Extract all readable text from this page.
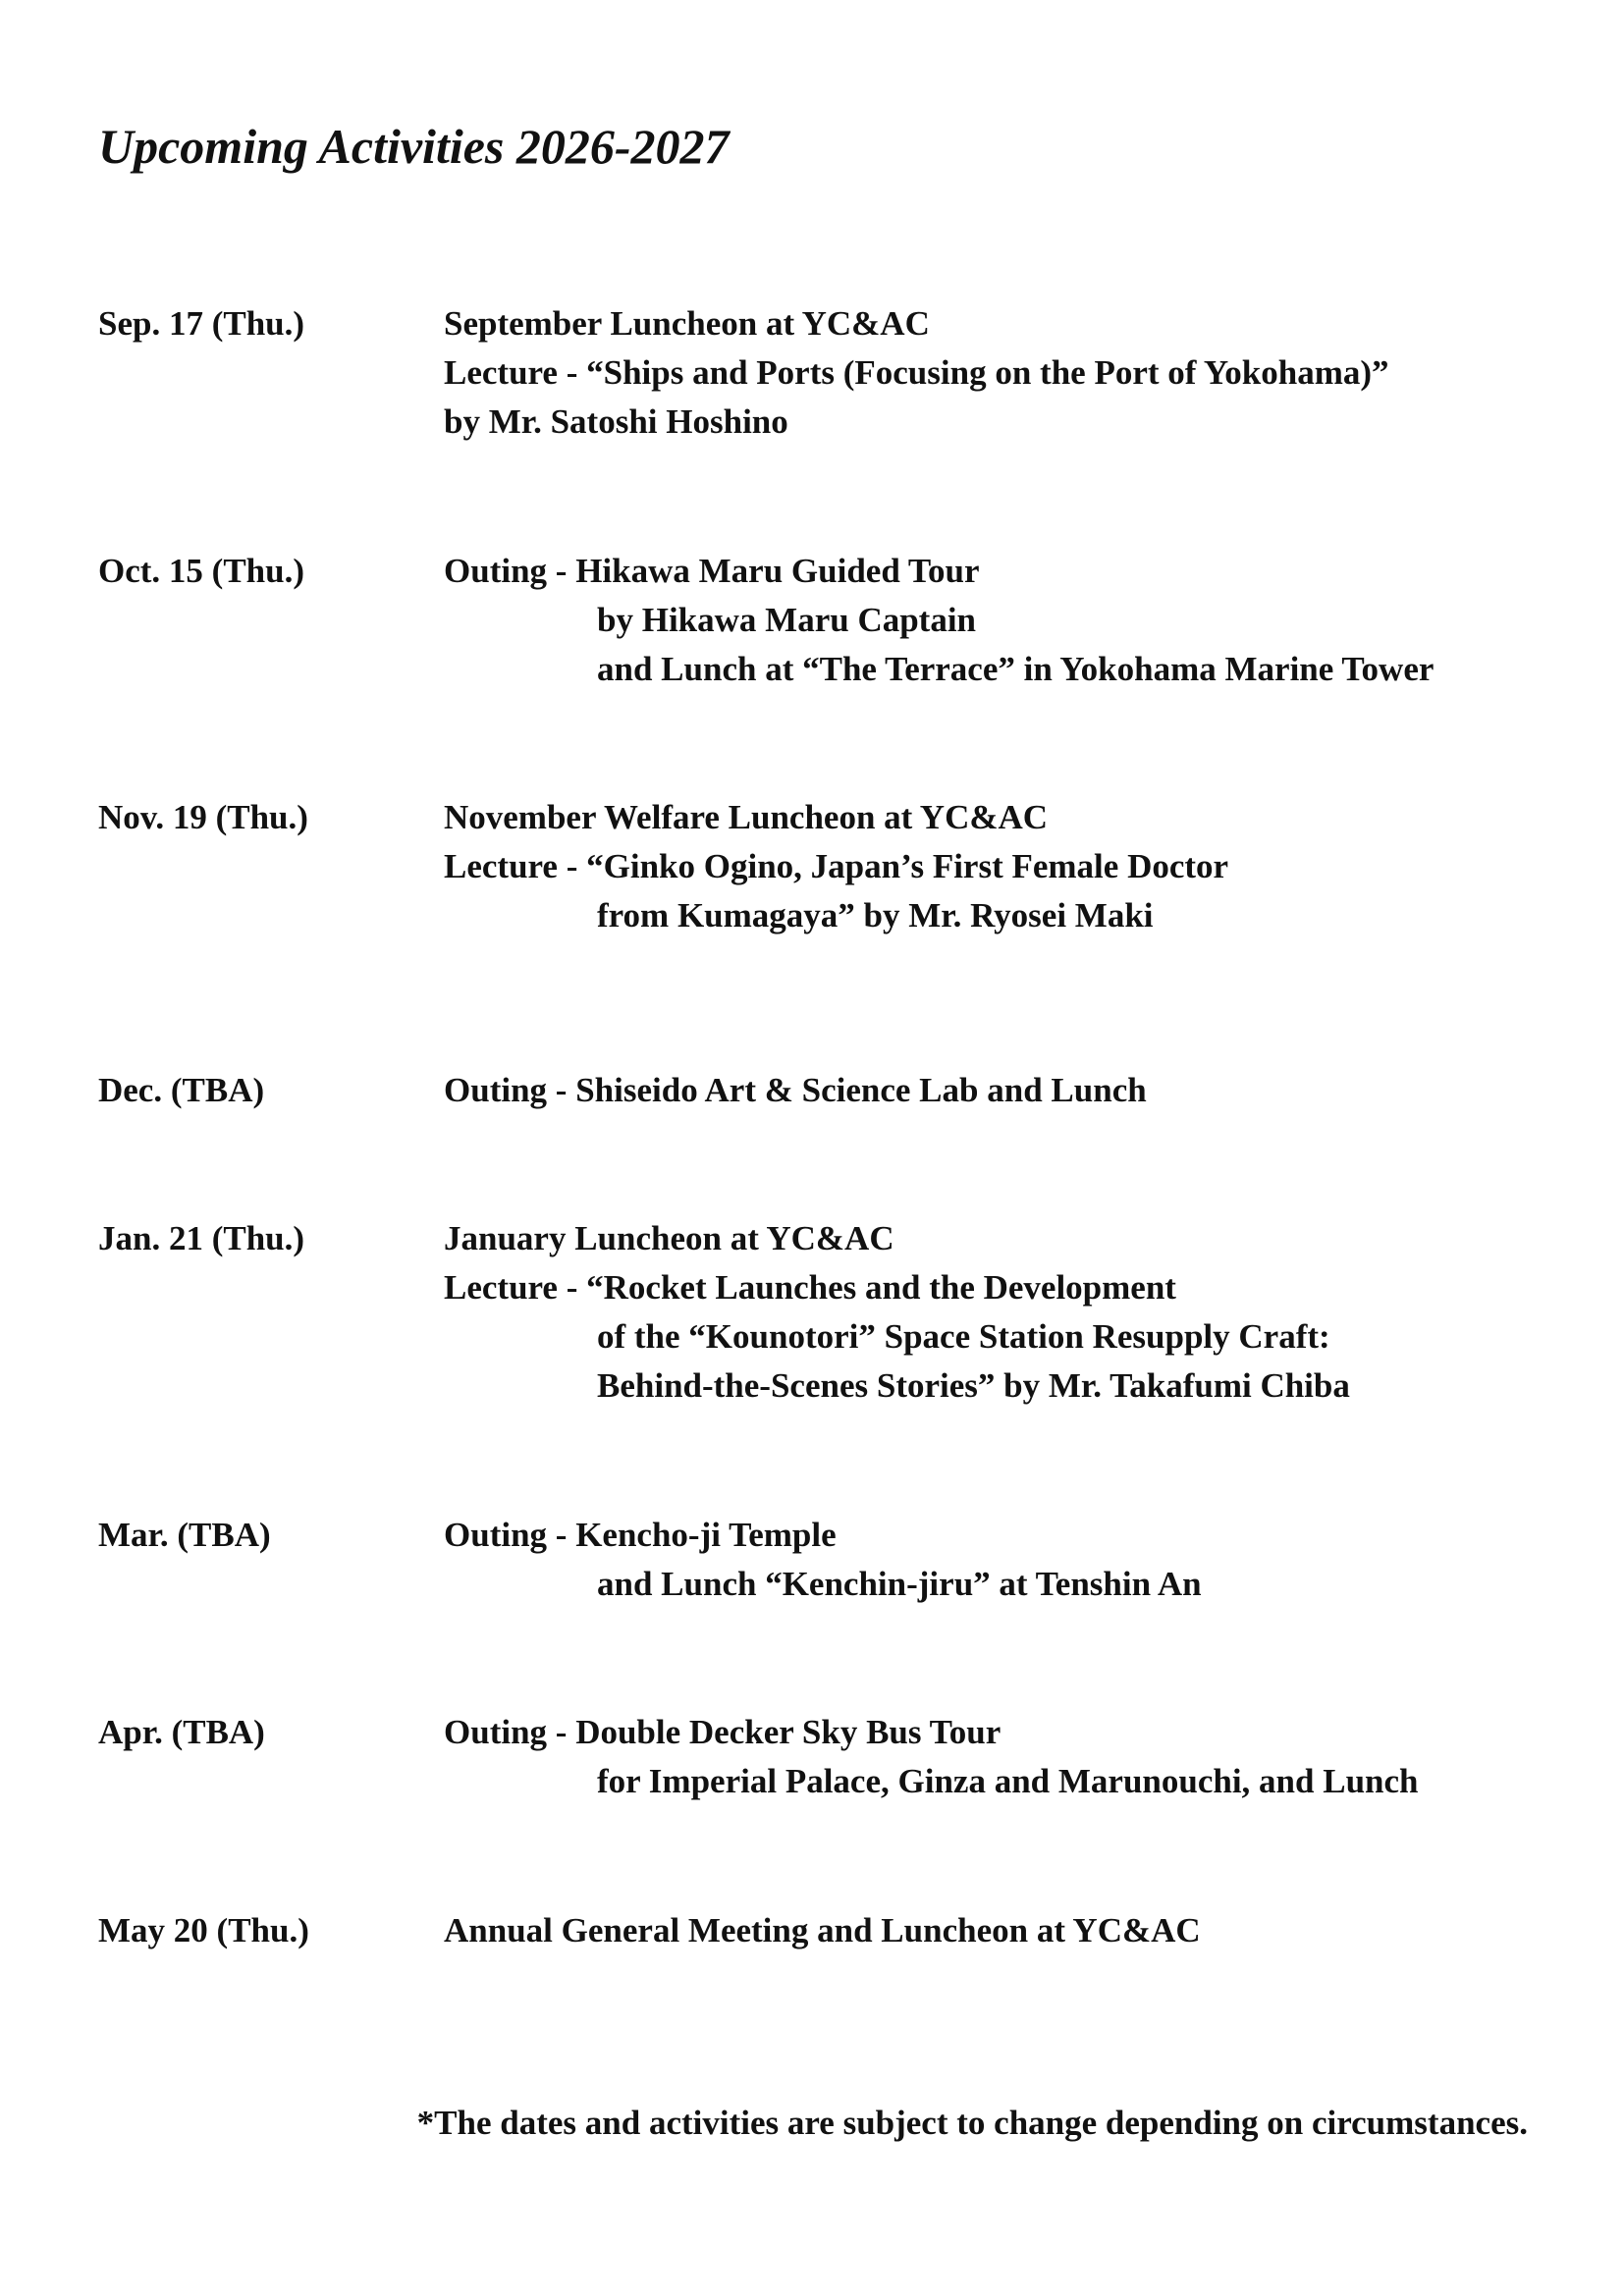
Upcoming Activities 2026-2027
Sep. 17 (Thu.)	September Luncheon at YC&AC
Lecture - “Ships and Ports (Focusing on the Port of Yokohama)”
by Mr. Satoshi Hoshino
Oct. 15 (Thu.)	Outing - Hikawa Maru Guided Tour
by Hikawa Maru Captain
and Lunch at “The Terrace” in Yokohama Marine Tower
Nov. 19 (Thu.)	November Welfare Luncheon at YC&AC
Lecture - “Ginko Ogino, Japan’s First Female Doctor
from Kumagaya” by Mr. Ryosei Maki
Dec. (TBA)	Outing - Shiseido Art & Science Lab and Lunch
Jan. 21 (Thu.)	January Luncheon at YC&AC
Lecture - “Rocket Launches and the Development
of the “Kounotori” Space Station Resupply Craft:
Behind-the-Scenes Stories” by Mr. Takafumi Chiba
Mar. (TBA)	Outing - Kencho-ji Temple
and Lunch “Kenchin-jiru” at Tenshin An
Apr. (TBA)	Outing - Double Decker Sky Bus Tour
for Imperial Palace, Ginza and Marunouchi, and Lunch
May 20 (Thu.)	Annual General Meeting and Luncheon at YC&AC
*The dates and activities are subject to change depending on circumstances.
